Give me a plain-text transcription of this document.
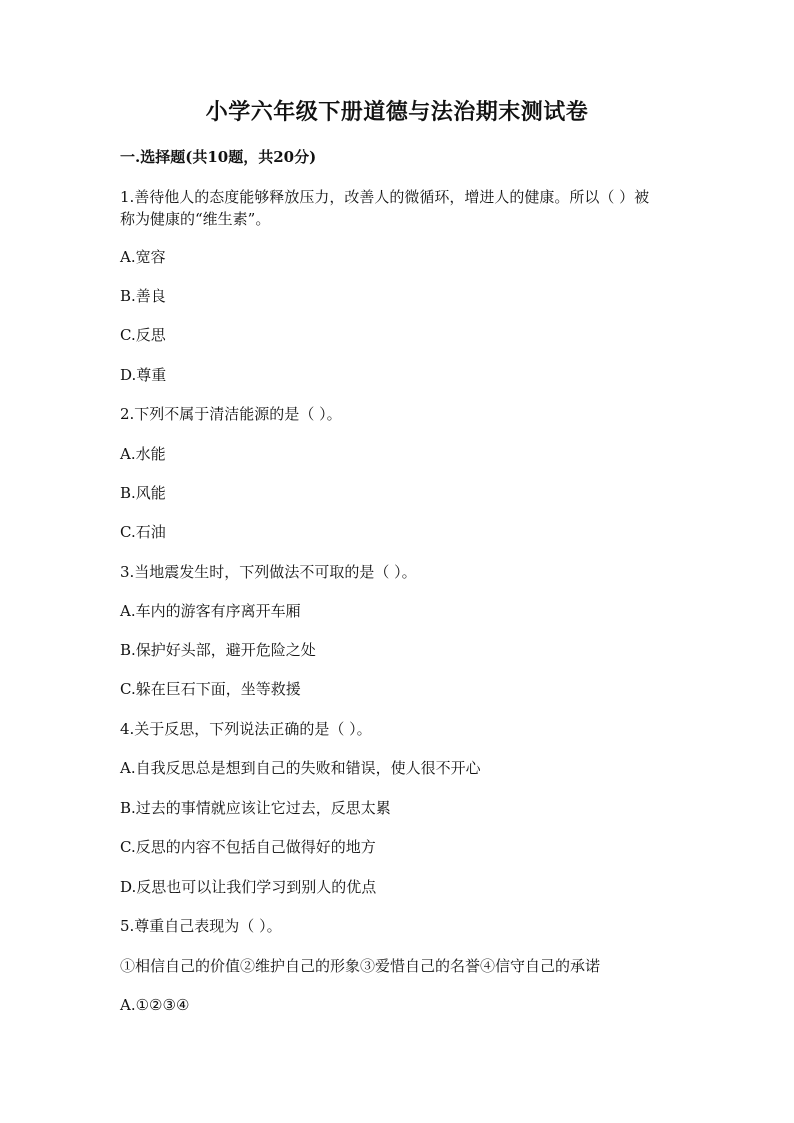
小学六年级下册道德与法治期末测试卷
一.选择题(共10题，共20分)
1.善待他人的态度能够释放压力，改善人的微循环，增进人的健康。所以（ ）被称为健康的“维生素”。
A.宽容
B.善良
C.反思
D.尊重
2.下列不属于清洁能源的是（ ）。
A.水能
B.风能
C.石油
3.当地震发生时，下列做法不可取的是（ ）。
A.车内的游客有序离开车厢
B.保护好头部，避开危险之处
C.躲在巨石下面，坐等救援
4.关于反思，下列说法正确的是（ ）。
A.自我反思总是想到自己的失败和错误，使人很不开心
B.过去的事情就应该让它过去，反思太累
C.反思的内容不包括自己做得好的地方
D.反思也可以让我们学习到别人的优点
5.尊重自己表现为（ ）。
①相信自己的价值②维护自己的形象③爱惜自己的名誉④信守自己的承诺
A.①②③④
